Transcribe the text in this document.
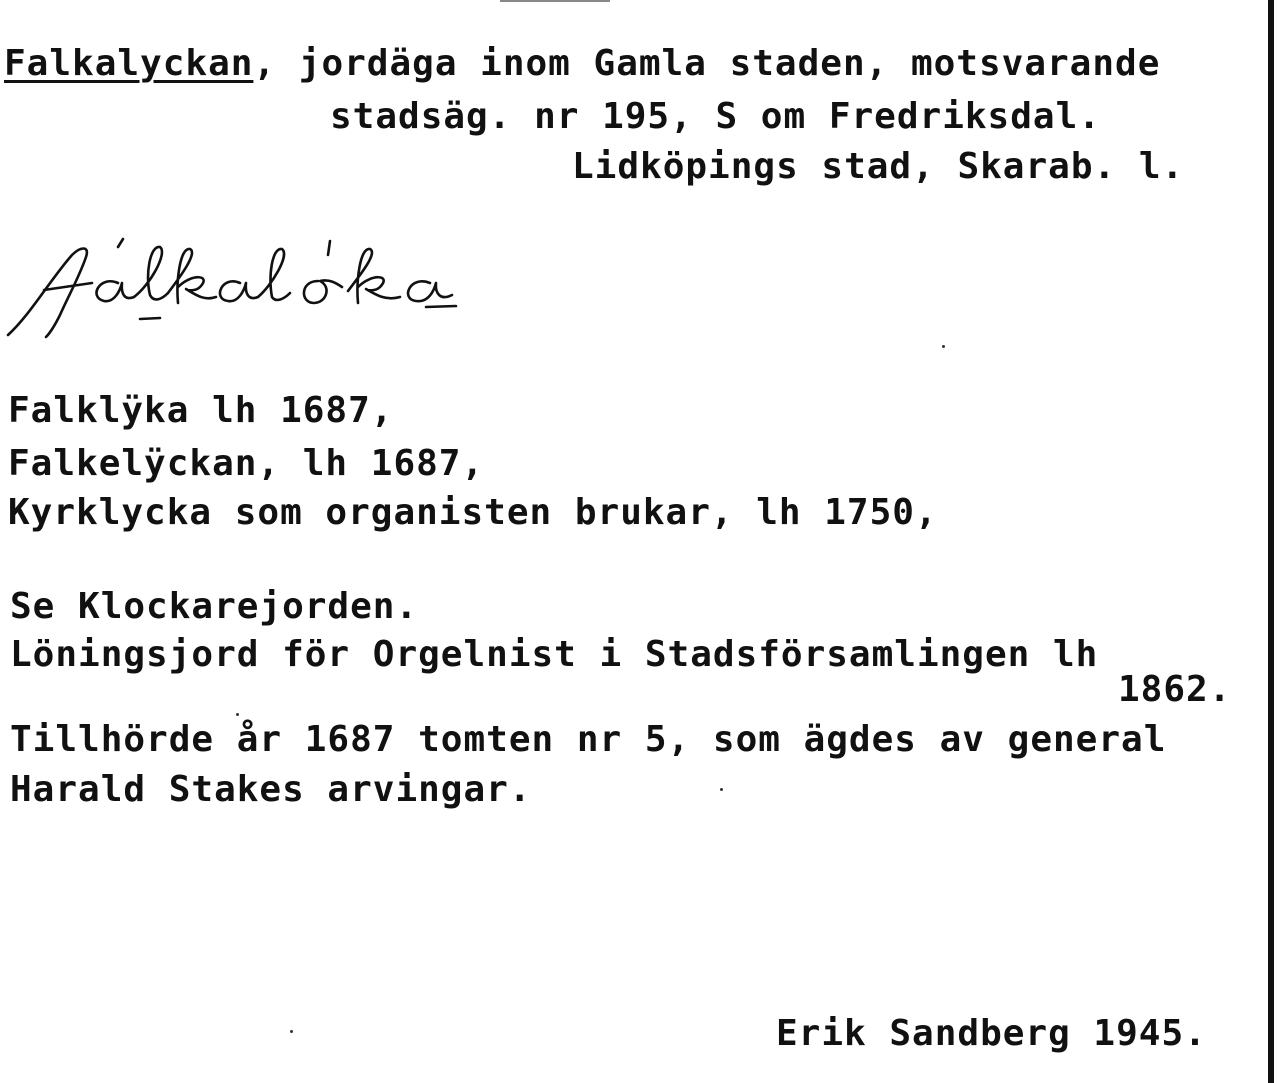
Falkalyckan, jordäga inom Gamla staden, motsvarande
stadsäg. nr 195, S om Fredriksdal.
Lidköpings stad, Skarab. l.
Falklÿka lh 1687,
Falkelÿckan, lh 1687,
Kyrklycka som organisten brukar, lh 1750,
Se Klockarejorden.
Löningsjord för Orgelnist i Stadsförsamlingen lh
1862.
Tillhörde år 1687 tomten nr 5, som ägdes av general
Harald Stakes arvingar.
Erik Sandberg 1945.
